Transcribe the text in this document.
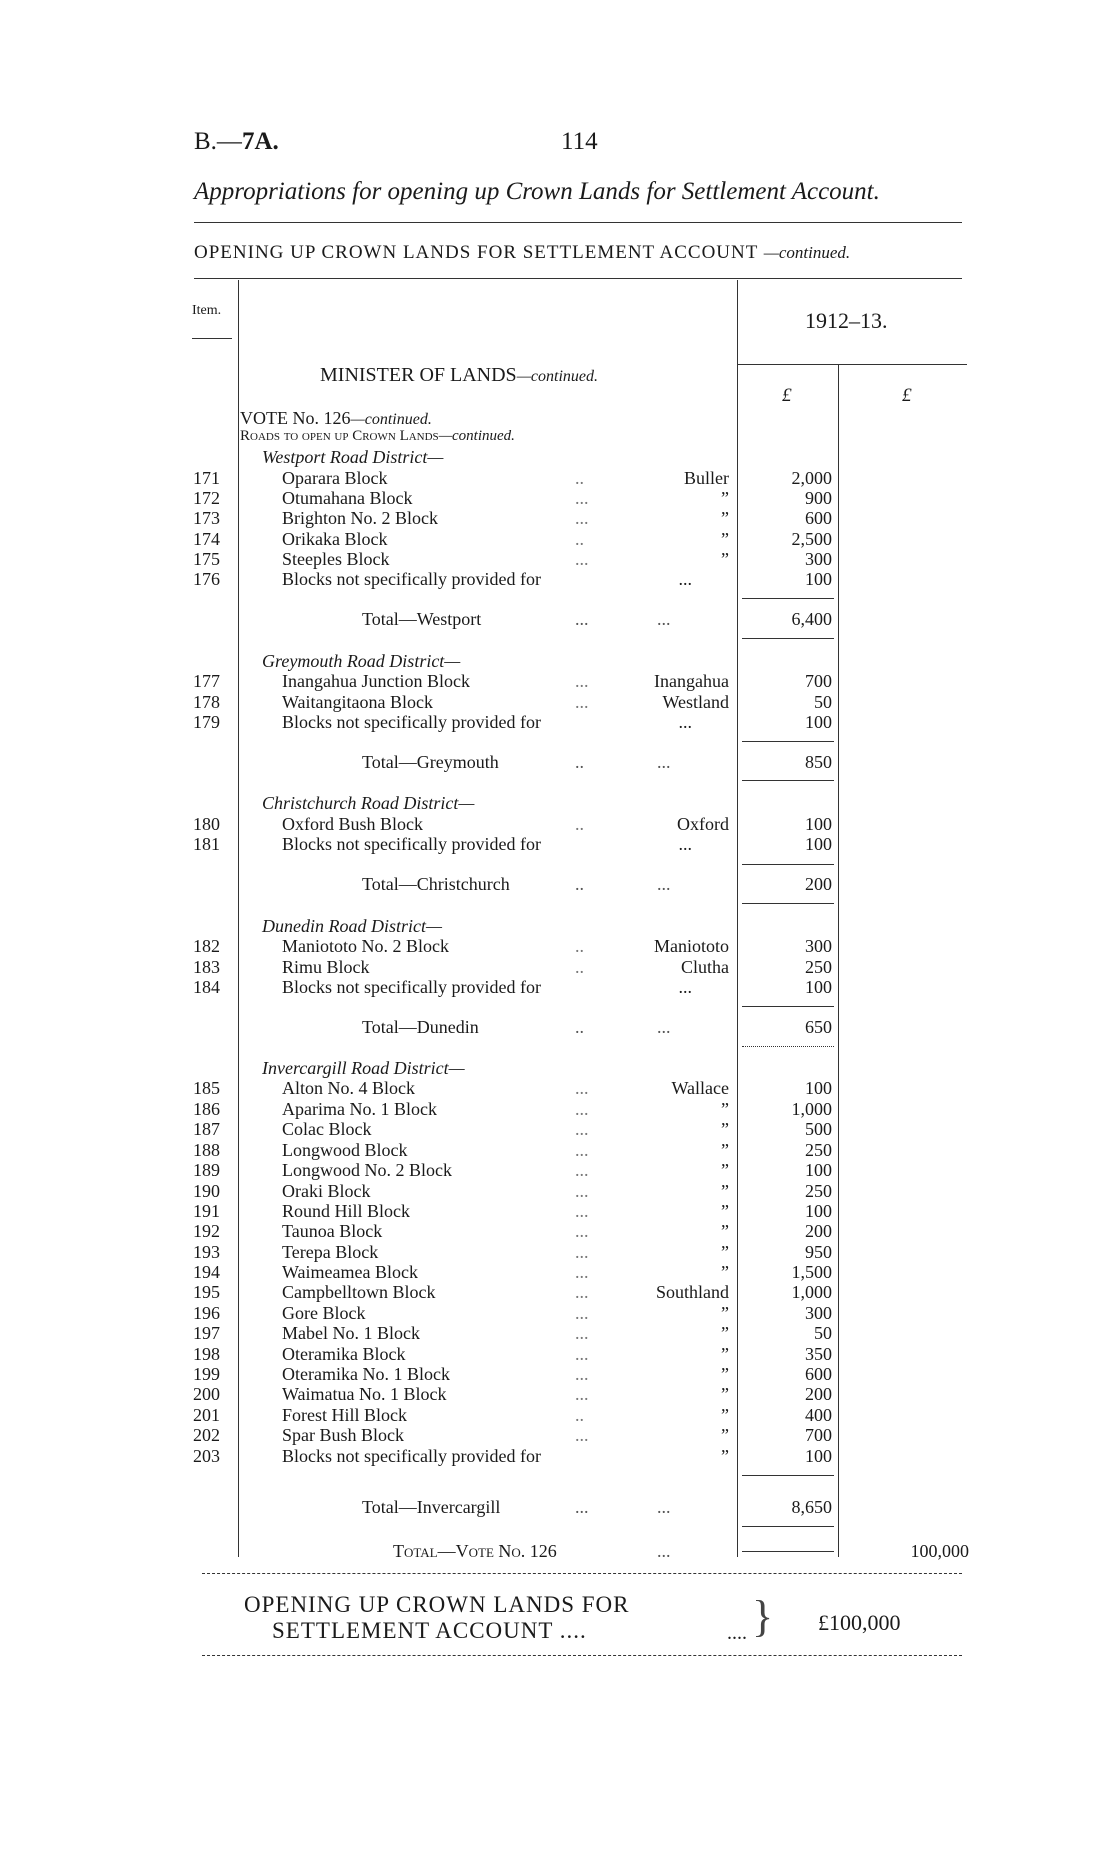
B.—7A.	114
Appropriations for opening up Crown Lands for Settlement Account.
OPENING UP CROWN LANDS FOR SETTLEMENT ACCOUNT —continued.
Item.	1912–13.
£	£
MINISTER OF LANDS—continued.
VOTE No. 126—continued.
Roads to open up Crown Lands—continued.
Westport Road District—
171	Oparara Block	..	Buller	2,000
172	Otumahana Block	...	”	900
173	Brighton No. 2 Block	...	”	600
174	Orikaka Block	..	”	2,500
175	Steeples Block	...	”	300
176	Blocks not specifically provided for	...	100
Total—Westport	...	...	6,400
Greymouth Road District—
177	Inangahua Junction Block	...	Inangahua	700
178	Waitangitaona Block	...	Westland	50
179	Blocks not specifically provided for	...	100
Total—Greymouth	..	...	850
Christchurch Road District—
180	Oxford Bush Block	..	Oxford	100
181	Blocks not specifically provided for	...	100
Total—Christchurch	..	...	200
Dunedin Road District—
182	Maniototo No. 2 Block	..	Maniototo	300
183	Rimu Block	..	Clutha	250
184	Blocks not specifically provided for	...	100
Total—Dunedin	..	...	650
Invercargill Road District—
185	Alton No. 4 Block	...	Wallace	100
186	Aparima No. 1 Block	...	”	1,000
187	Colac Block	...	”	500
188	Longwood Block	...	”	250
189	Longwood No. 2 Block	...	”	100
190	Oraki Block	...	”	250
191	Round Hill Block	...	”	100
192	Taunoa Block	...	”	200
193	Terepa Block	...	”	950
194	Waimeamea Block	...	”	1,500
195	Campbelltown Block	...	Southland	1,000
196	Gore Block	...	”	300
197	Mabel No. 1 Block	...	”	50
198	Oteramika Block	...	”	350
199	Oteramika No. 1 Block	...	”	600
200	Waimatua No. 1 Block	...	”	200
201	Forest Hill Block	..	”	400
202	Spar Bush Block	...	”	700
203	Blocks not specifically provided for	”	100
Total—Invercargill	...	...	8,650
Total—Vote No. 126	...	100,000
OPENING UP CROWN LANDS FOR
SETTLEMENT ACCOUNT ....	.... } £100,000
